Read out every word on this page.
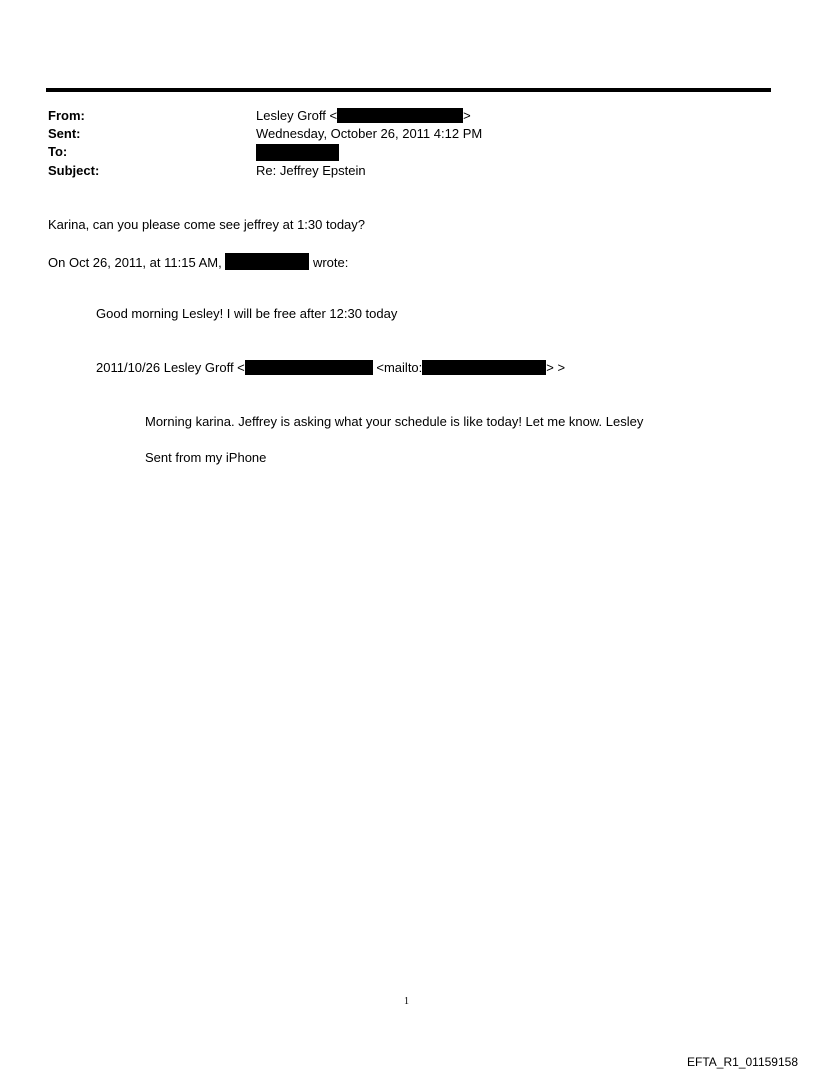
From:	Lesley Groff <	>
Sent:	Wednesday, October 26, 2011 4:12 PM
To:
Subject:	Re: Jeffrey Epstein
Karina, can you please come see jeffrey at 1:30 today?
On Oct 26, 2011, at 11:15 AM,	wrote:
Good morning Lesley! I will be free after 12:30 today
2011/10/26 Lesley Groff <	<mailto:	> >
Morning karina. Jeffrey is asking what your schedule is like today! Let me know. Lesley
Sent from my iPhone
1
EFTA_R1_01159158
